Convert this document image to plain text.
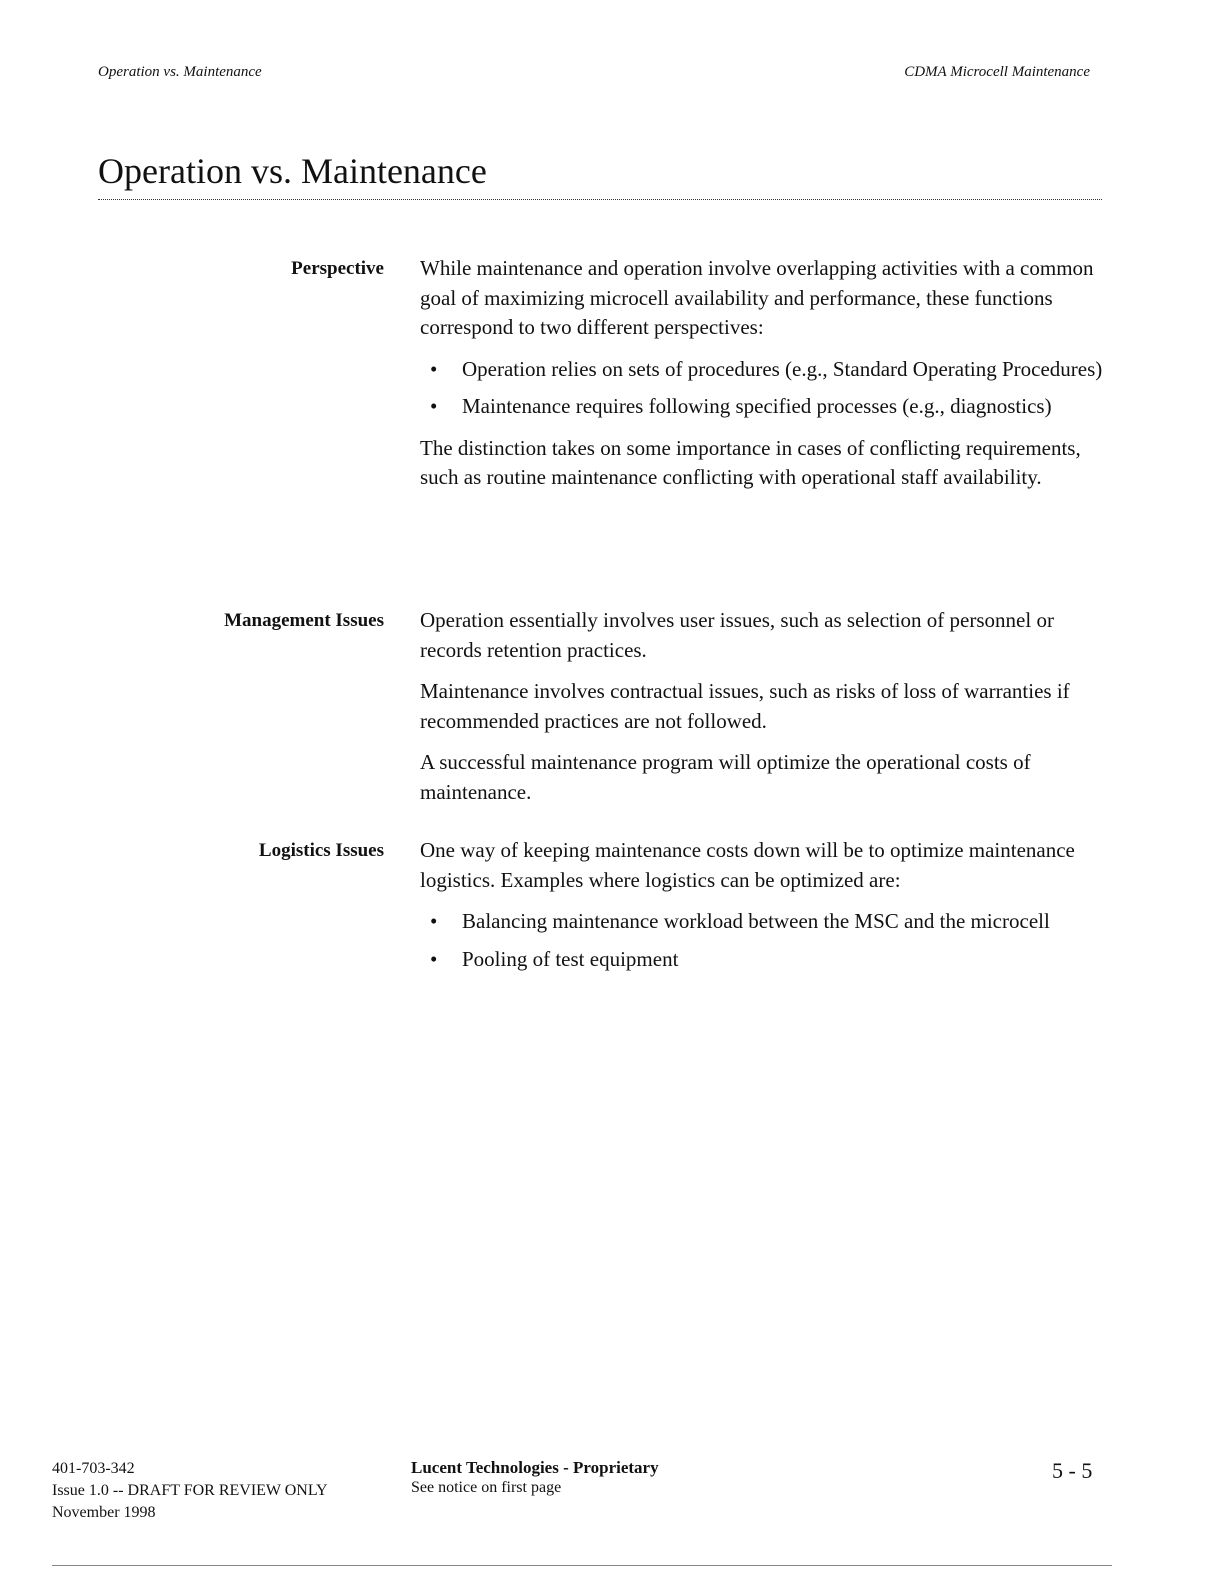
Operation vs. Maintenance	CDMA Microcell Maintenance
Operation vs. Maintenance
Perspective While maintenance and operation involve overlapping activities with a common goal of maximizing microcell availability and performance, these functions correspond to two different perspectives:

• Operation relies on sets of procedures (e.g., Standard Operating Procedures)
• Maintenance requires following specified processes (e.g., diagnostics)

The distinction takes on some importance in cases of conflicting requirements, such as routine maintenance conflicting with operational staff availability.

Management Issues Operation essentially involves user issues, such as selection of personnel or records retention practices.

Maintenance involves contractual issues, such as risks of loss of warranties if recommended practices are not followed.

A successful maintenance program will optimize the operational costs of maintenance.

Logistics Issues One way of keeping maintenance costs down will be to optimize maintenance logistics. Examples where logistics can be optimized are:

• Balancing maintenance workload between the MSC and the microcell
• Pooling of test equipment
401-703-342
Issue 1.0 -- DRAFT FOR REVIEW ONLY
November 1998
Lucent Technologies - Proprietary
See notice on first page
5 - 5
